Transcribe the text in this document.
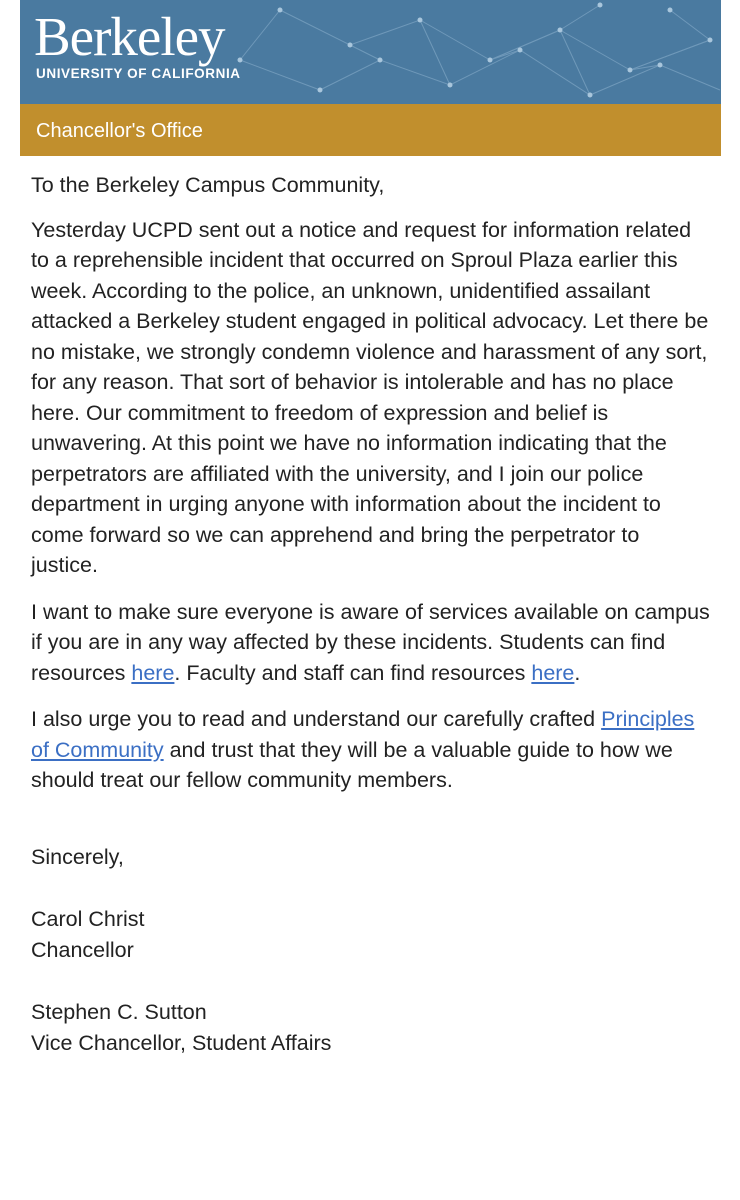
Berkeley
UNIVERSITY OF CALIFORNIA
Chancellor's Office

To the Berkeley Campus Community,

Yesterday UCPD sent out a notice and request for information related to a reprehensible incident that occurred on Sproul Plaza earlier this week. According to the police, an unknown, unidentified assailant attacked a Berkeley student engaged in political advocacy. Let there be no mistake, we strongly condemn violence and harassment of any sort, for any reason. That sort of behavior is intolerable and has no place here. Our commitment to freedom of expression and belief is unwavering. At this point we have no information indicating that the perpetrators are affiliated with the university, and I join our police department in urging anyone with information about the incident to come forward so we can apprehend and bring the perpetrator to justice.

I want to make sure everyone is aware of services available on campus if you are in any way affected by these incidents. Students can find resources here. Faculty and staff can find resources here.

I also urge you to read and understand our carefully crafted Principles of Community and trust that they will be a valuable guide to how we should treat our fellow community members.

Sincerely,

Carol Christ
Chancellor

Stephen C. Sutton
Vice Chancellor, Student Affairs
